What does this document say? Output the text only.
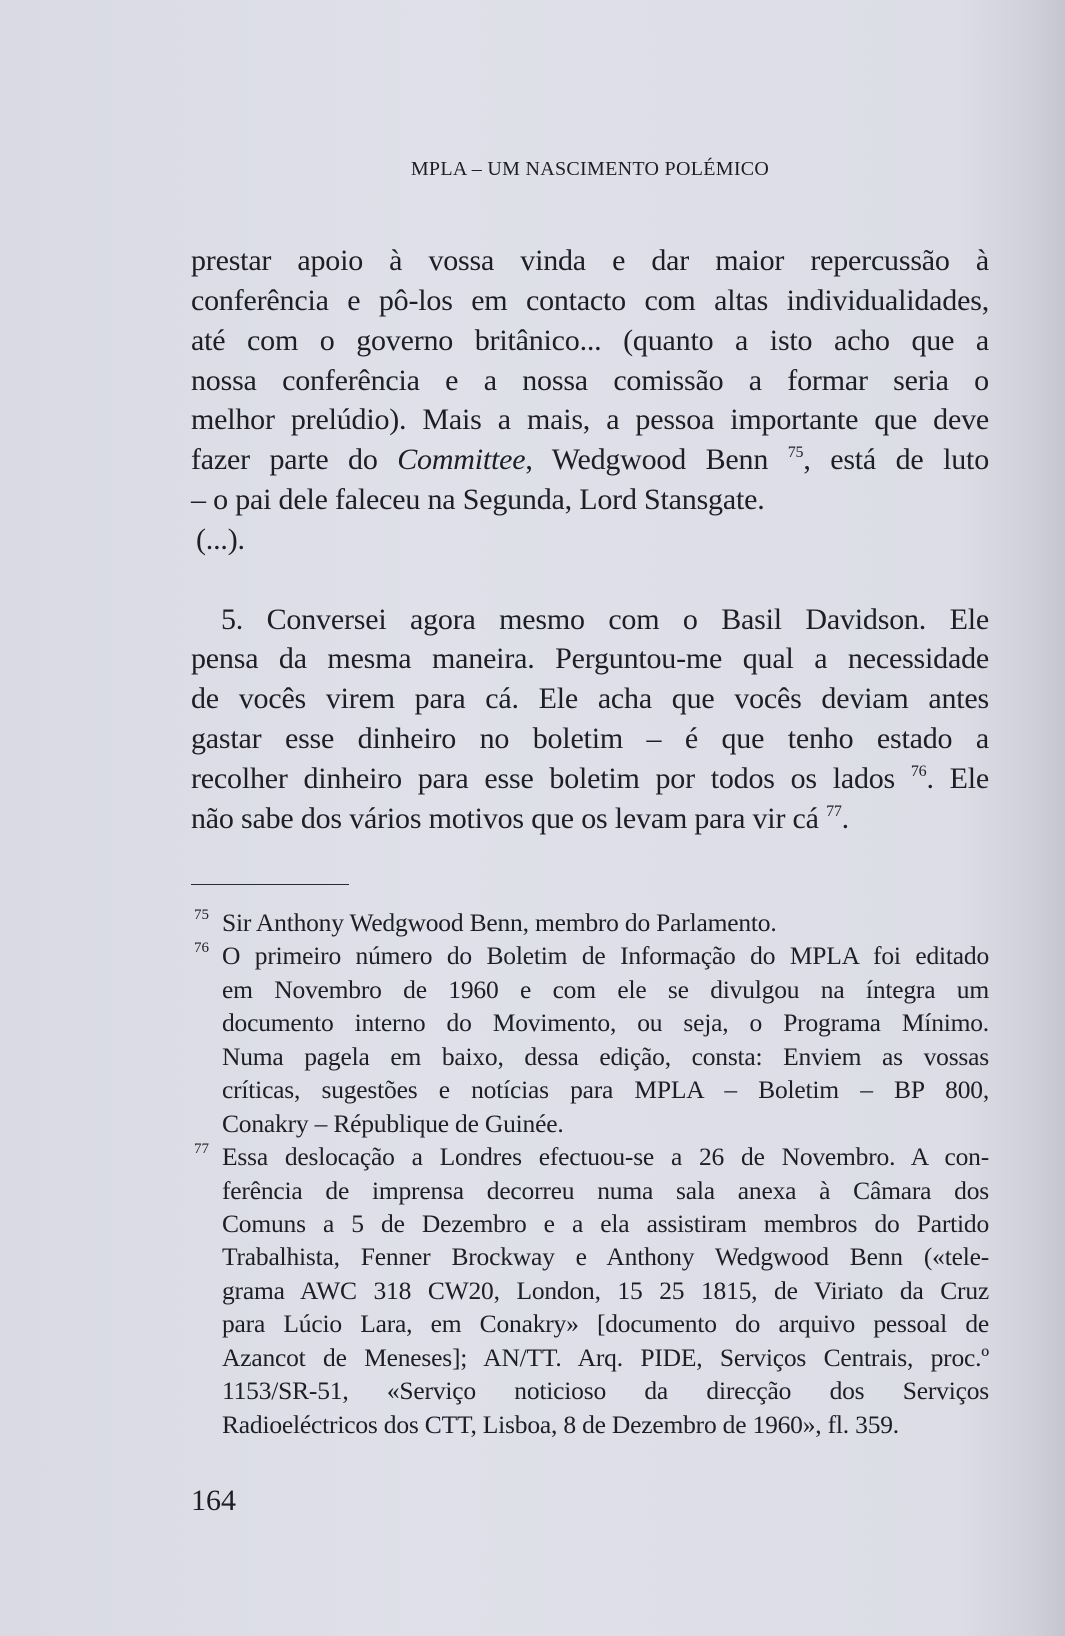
MPLA – UM NASCIMENTO POLÉMICO
prestar apoio à vossa vinda e dar maior repercussão à
conferência e pô-los em contacto com altas individualidades,
até com o governo britânico... (quanto a isto acho que a
nossa conferência e a nossa comissão a formar seria o
melhor prelúdio). Mais a mais, a pessoa importante que deve
fazer parte do Committee, Wedgwood Benn $^{75}$, está de luto
– o pai dele faleceu na Segunda, Lord Stansgate.
(...).

5. Conversei agora mesmo com o Basil Davidson. Ele
pensa da mesma maneira. Perguntou-me qual a necessidade
de vocês virem para cá. Ele acha que vocês deviam antes
gastar esse dinheiro no boletim – é que tenho estado a
recolher dinheiro para esse boletim por todos os lados $^{76}$. Ele
não sabe dos vários motivos que os levam para vir cá $^{77}$.
75 Sir Anthony Wedgwood Benn, membro do Parlamento.
76 O primeiro número do Boletim de Informação do MPLA foi editado
em Novembro de 1960 e com ele se divulgou na íntegra um
documento interno do Movimento, ou seja, o Programa Mínimo.
Numa pagela em baixo, dessa edição, consta: Enviem as vossas
críticas, sugestões e notícias para MPLA – Boletim – BP 800,
Conakry – République de Guinée.
77 Essa deslocação a Londres efectuou-se a 26 de Novembro. A con-
ferência de imprensa decorreu numa sala anexa à Câmara dos
Comuns a 5 de Dezembro e a ela assistiram membros do Partido
Trabalhista, Fenner Brockway e Anthony Wedgwood Benn («tele-
grama AWC 318 CW20, London, 15 25 1815, de Viriato da Cruz
para Lúcio Lara, em Conakry» [documento do arquivo pessoal de
Azancot de Meneses]; AN/TT. Arq. PIDE, Serviços Centrais, proc.º
1153/SR-51, «Serviço noticioso da direcção dos Serviços
Radioeléctricos dos CTT, Lisboa, 8 de Dezembro de 1960», fl. 359.
164
